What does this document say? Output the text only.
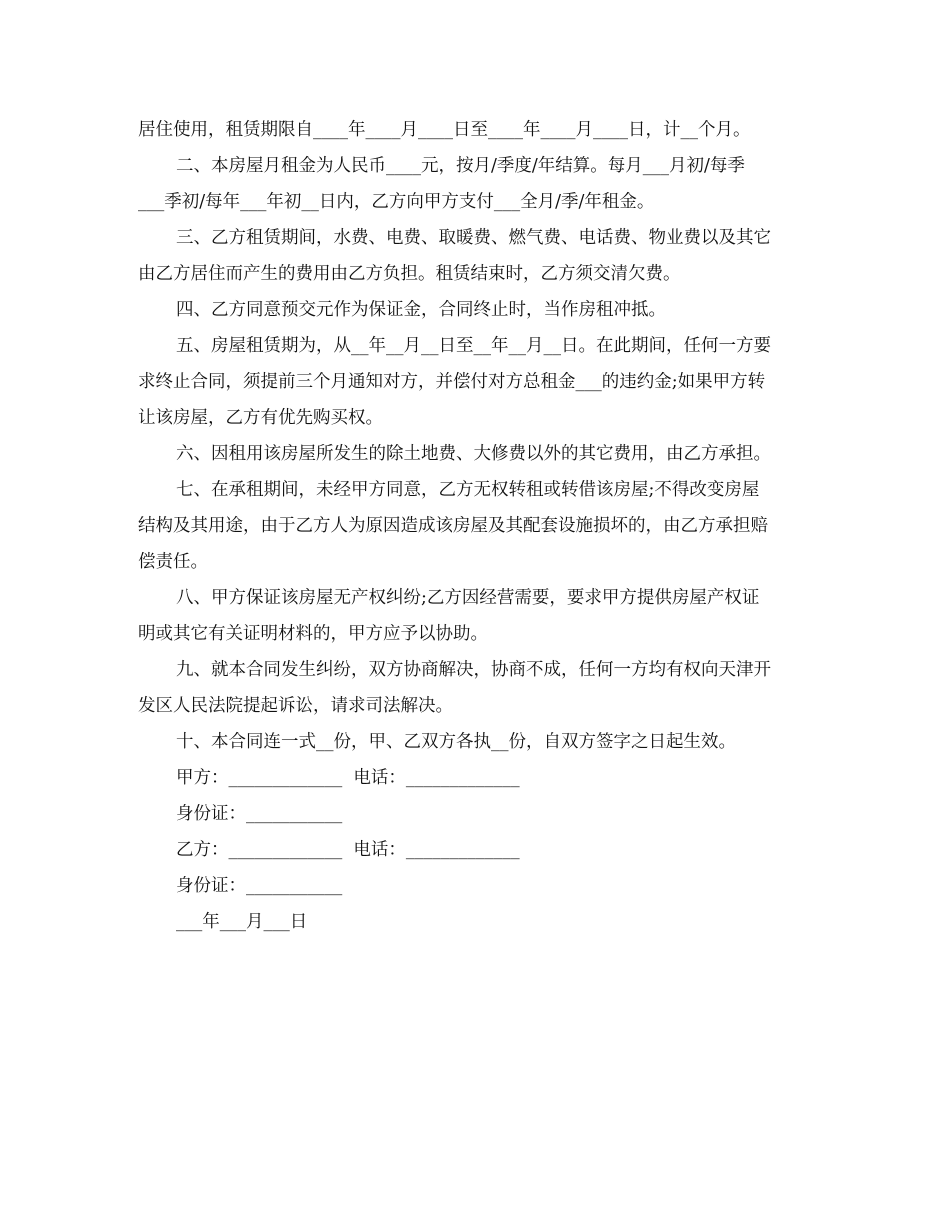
居住使用，租赁期限自____年____月____日至____年____月____日，计__个月。

二、本房屋月租金为人民币____元，按月/季度/年结算。每月___月初/每季

___季初/每年___年初__日内，乙方向甲方支付___全月/季/年租金。

三、乙方租赁期间，水费、电费、取暖费、燃气费、电话费、物业费以及其它

由乙方居住而产生的费用由乙方负担。租赁结束时，乙方须交清欠费。

四、乙方同意预交元作为保证金，合同终止时，当作房租冲抵。

五、房屋租赁期为，从__年__月__日至__年__月__日。在此期间，任何一方要

求终止合同，须提前三个月通知对方，并偿付对方总租金___的违约金;如果甲方转

让该房屋，乙方有优先购买权。

六、因租用该房屋所发生的除土地费、大修费以外的其它费用，由乙方承担。

七、在承租期间，未经甲方同意，乙方无权转租或转借该房屋;不得改变房屋

结构及其用途，由于乙方人为原因造成该房屋及其配套设施损坏的，由乙方承担赔

偿责任。

八、甲方保证该房屋无产权纠纷;乙方因经营需要，要求甲方提供房屋产权证

明或其它有关证明材料的，甲方应予以协助。

九、就本合同发生纠纷，双方协商解决，协商不成，任何一方均有权向天津开

发区人民法院提起诉讼，请求司法解决。

十、本合同连一式__份，甲、乙双方各执__份，自双方签字之日起生效。

甲方：_____________  电话：_____________

身份证：___________

乙方：_____________  电话：_____________

身份证：___________

___年___月___日
